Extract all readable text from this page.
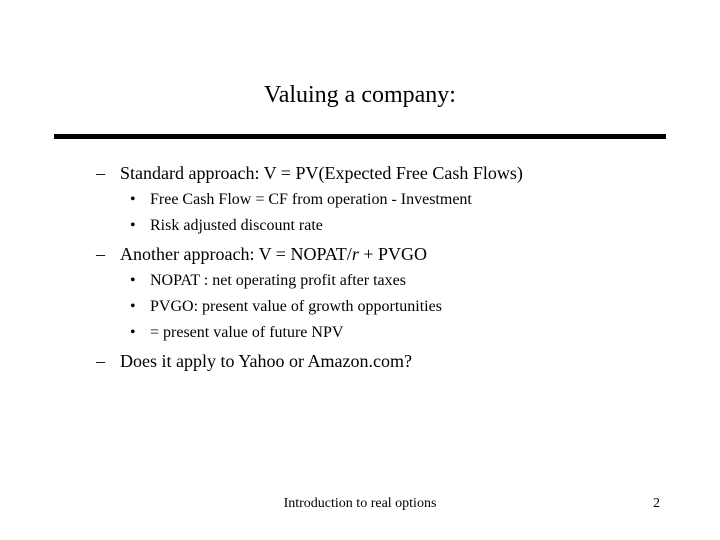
Valuing a company:
– Standard approach: V = PV(Expected Free Cash Flows)
• Free Cash Flow = CF from operation - Investment
• Risk adjusted discount rate
– Another approach: V = NOPAT/r + PVGO
• NOPAT : net operating profit after taxes
• PVGO: present value of growth opportunities
• = present value of future NPV
– Does it apply to Yahoo or Amazon.com?
Introduction to real options	2
